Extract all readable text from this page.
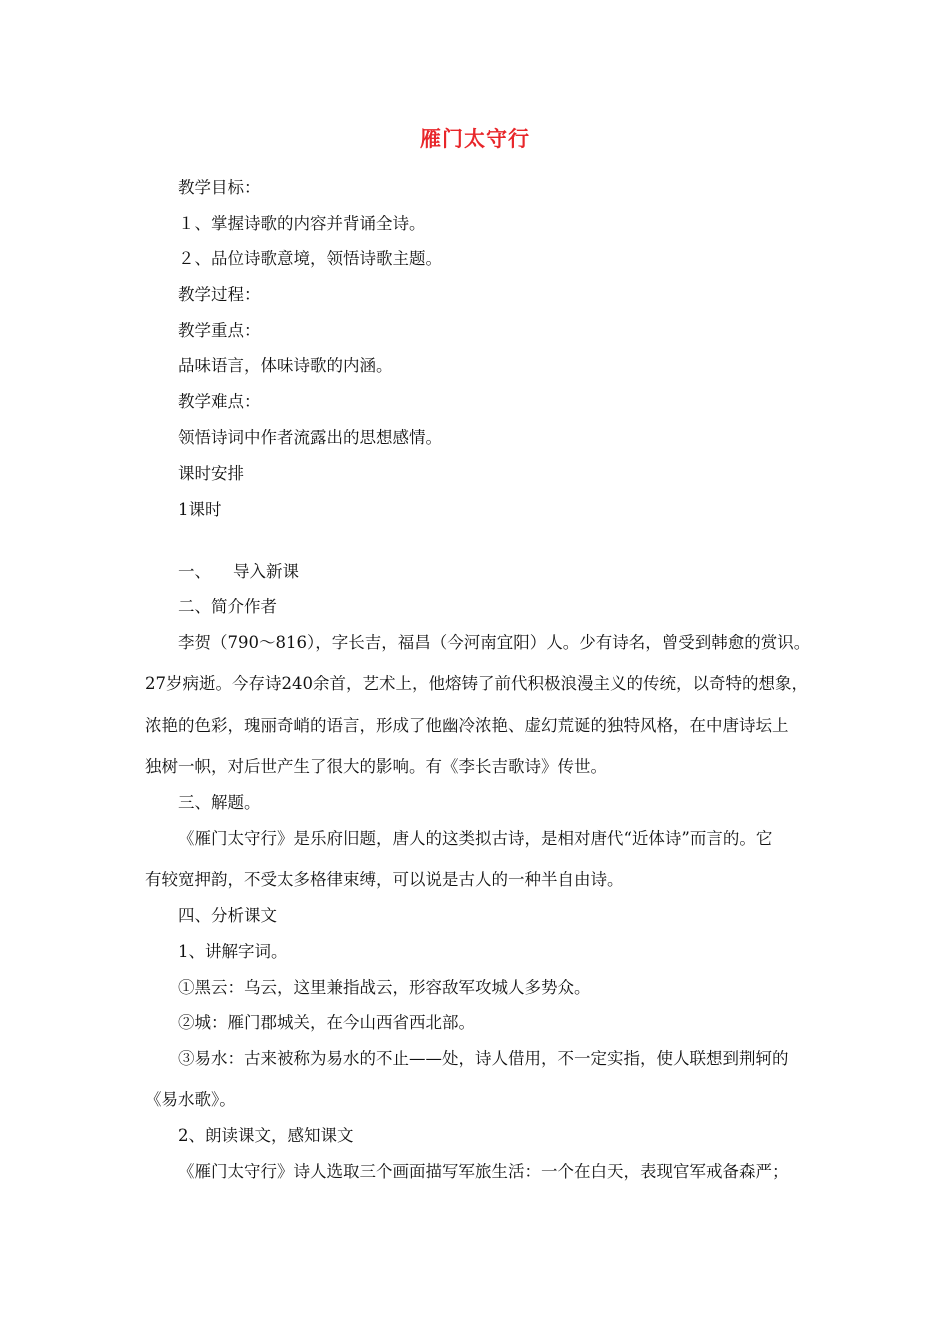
雁门太守行
教学目标：
１、掌握诗歌的内容并背诵全诗。
２、品位诗歌意境，领悟诗歌主题。
教学过程：
教学重点：
品味语言，体味诗歌的内涵。
教学难点：
领悟诗词中作者流露出的思想感情。
课时安排
1课时
一、 导入新课
二、简介作者
李贺（790～816），字长吉，福昌（今河南宜阳）人。少有诗名，曾受到韩愈的赏识。
27岁病逝。今存诗240余首，艺术上，他熔铸了前代积极浪漫主义的传统，以奇特的想象，
浓艳的色彩，瑰丽奇峭的语言，形成了他幽冷浓艳、虚幻荒诞的独特风格，在中唐诗坛上
独树一帜，对后世产生了很大的影响。有《李长吉歌诗》传世。
三、解题。
《雁门太守行》是乐府旧题，唐人的这类拟古诗，是相对唐代“近体诗”而言的。它
有较宽押韵，不受太多格律束缚，可以说是古人的一种半自由诗。
四、分析课文
1、讲解字词。
①黑云：乌云，这里兼指战云，形容敌军攻城人多势众。
②城：雁门郡城关，在今山西省西北部。
③易水：古来被称为易水的不止——处，诗人借用，不一定实指，使人联想到荆轲的
《易水歌》。
2、朗读课文，感知课文
《雁门太守行》诗人选取三个画面描写军旅生活：一个在白天，表现官军戒备森严；
